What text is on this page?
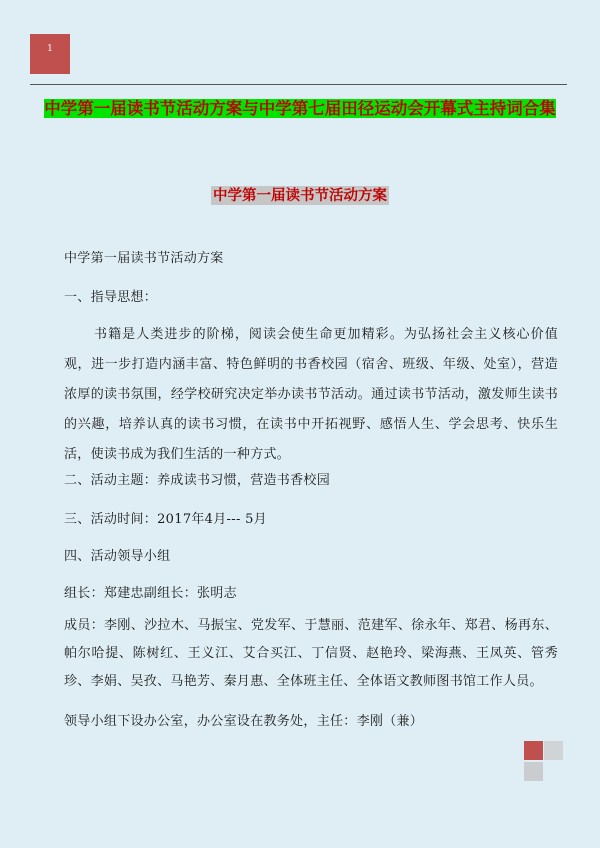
1
中学第一届读书节活动方案与中学第七届田径运动会开幕式主持词合集
中学第一届读书节活动方案
中学第一届读书节活动方案
一、指导思想：
书籍是人类进步的阶梯，阅读会使生命更加精彩。为弘扬社会主义核心价值观，进一步打造内涵丰富、特色鲜明的书香校园（宿舍、班级、年级、处室），营造浓厚的读书氛围，经学校研究决定举办读书节活动。通过读书节活动，激发师生读书的兴趣，培养认真的读书习惯，在读书中开拓视野、感悟人生、学会思考、快乐生活，使读书成为我们生活的一种方式。
二、活动主题：养成读书习惯，营造书香校园
三、活动时间：2017年4月--- 5月
四、活动领导小组
组长：郑建忠副组长：张明志
成员：李刚、沙拉木、马振宝、党发军、于慧丽、范建军、徐永年、郑君、杨再东、帕尔哈提、陈树红、王义江、艾合买江、丁信贤、赵艳玲、梁海燕、王凤英、管秀珍、李娟、吴孜、马艳芳、秦月惠、全体班主任、全体语文教师图书馆工作人员。
领导小组下设办公室，办公室设在教务处，主任：李刚（兼）
